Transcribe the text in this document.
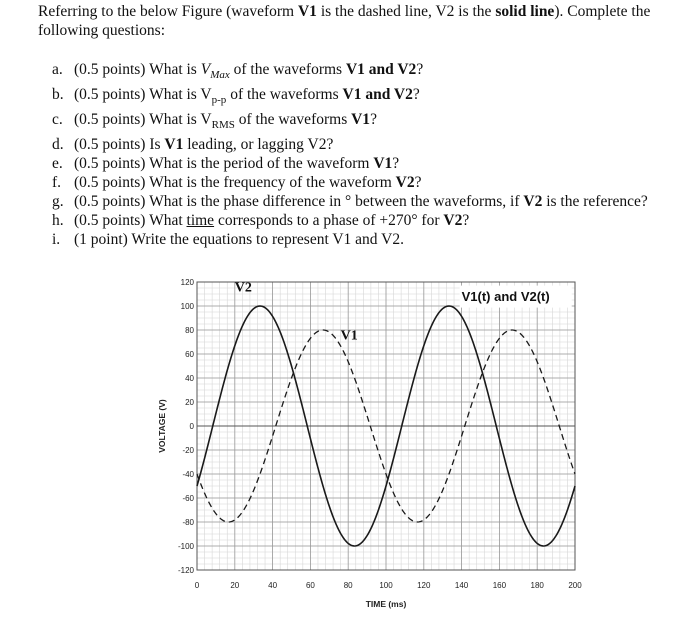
Referring to the below Figure (waveform V1 is the dashed line, V2 is the solid line). Complete the following questions:
a. (0.5 points) What is $V_{Max}$ of the waveforms V1 and V2?
b. (0.5 points) What is $V_{p-p}$ of the waveforms V1 and V2?
c. (0.5 points) What is $V_{RMS}$ of the waveforms V1?
d. (0.5 points) Is V1 leading, or lagging V2?
e. (0.5 points) What is the period of the waveform V1?
f. (0.5 points) What is the frequency of the waveform V2?
g. (0.5 points) What is the phase difference in ° between the waveforms, if V2 is the reference?
h. (0.5 points) What time corresponds to a phase of +270° for V2?
i. (1 point) Write the equations to represent V1 and V2.
120
100
80
60
40
20
0
-20
-40
-60
-80
-100
-120
0	20	40	60	80	100	120	140	160	180	200
TIME (ms)
VOLTAGE (V)
V2
V1
V1(t) and V2(t)
